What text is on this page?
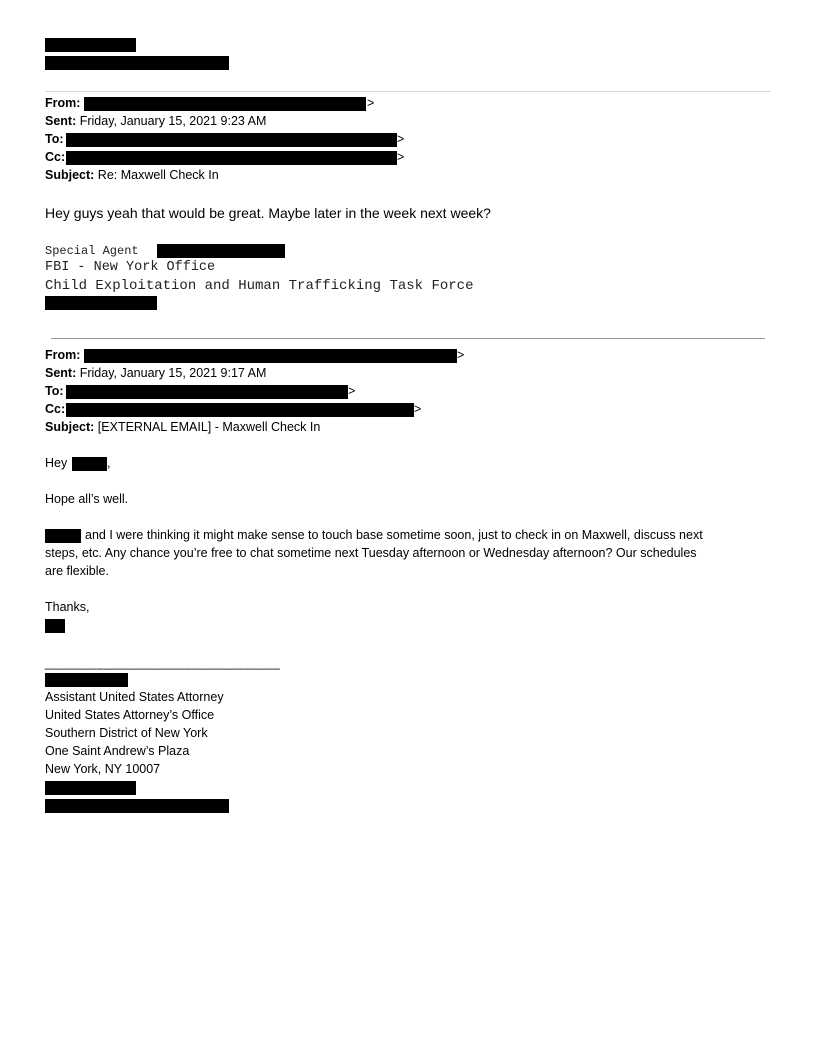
From:	>
Sent: Friday, January 15, 2021 9:23 AM
To:	>
Cc:	>
Subject: Re: Maxwell Check In
Hey guys yeah that would be great. Maybe later in the week next week?
Special Agent
FBI - New York Office
Child Exploitation and Human Trafficking Task Force
From:	>
Sent: Friday, January 15, 2021 9:17 AM
To:	>
Cc:	>
Subject: [EXTERNAL EMAIL] - Maxwell Check In
Hey	,
Hope all’s well.
and I were thinking it might make sense to touch base sometime soon, just to check in on Maxwell, discuss next
steps, etc. Any chance you’re free to chat sometime next Tuesday afternoon or Wednesday afternoon? Our schedules
are flexible.
Thanks,
________________________________
Assistant United States Attorney
United States Attorney’s Office
Southern District of New York
One Saint Andrew’s Plaza
New York, NY 10007
